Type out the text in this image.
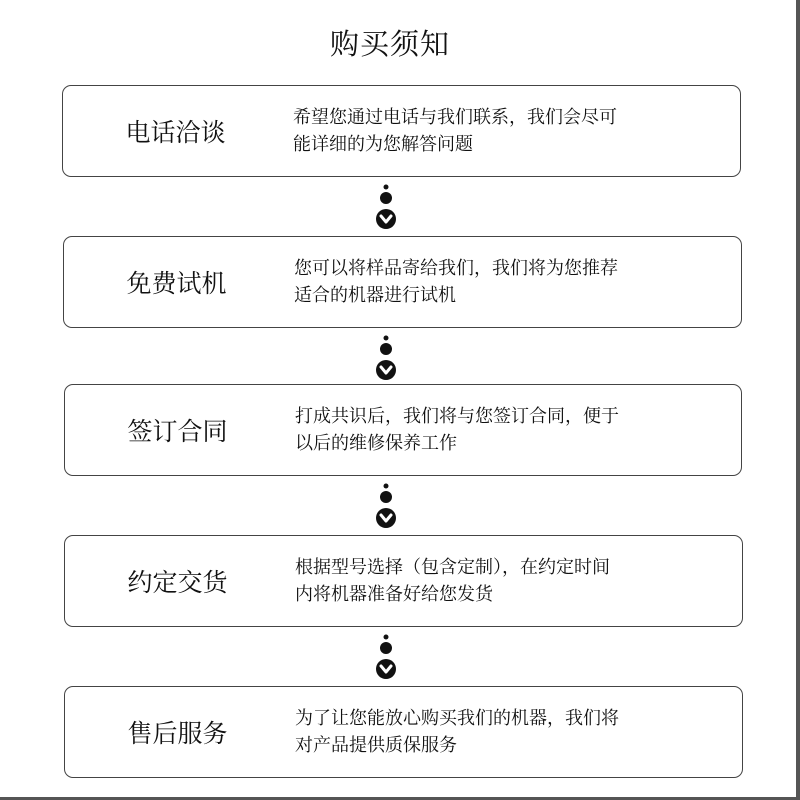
购买须知
电话洽谈
希望您通过电话与我们联系，我们会尽可
能详细的为您解答问题
免费试机
您可以将样品寄给我们，我们将为您推荐
适合的机器进行试机
签订合同
打成共识后，我们将与您签订合同，便于
以后的维修保养工作
约定交货
根据型号选择（包含定制），在约定时间
内将机器准备好给您发货
售后服务
为了让您能放心购买我们的机器，我们将
对产品提供质保服务
